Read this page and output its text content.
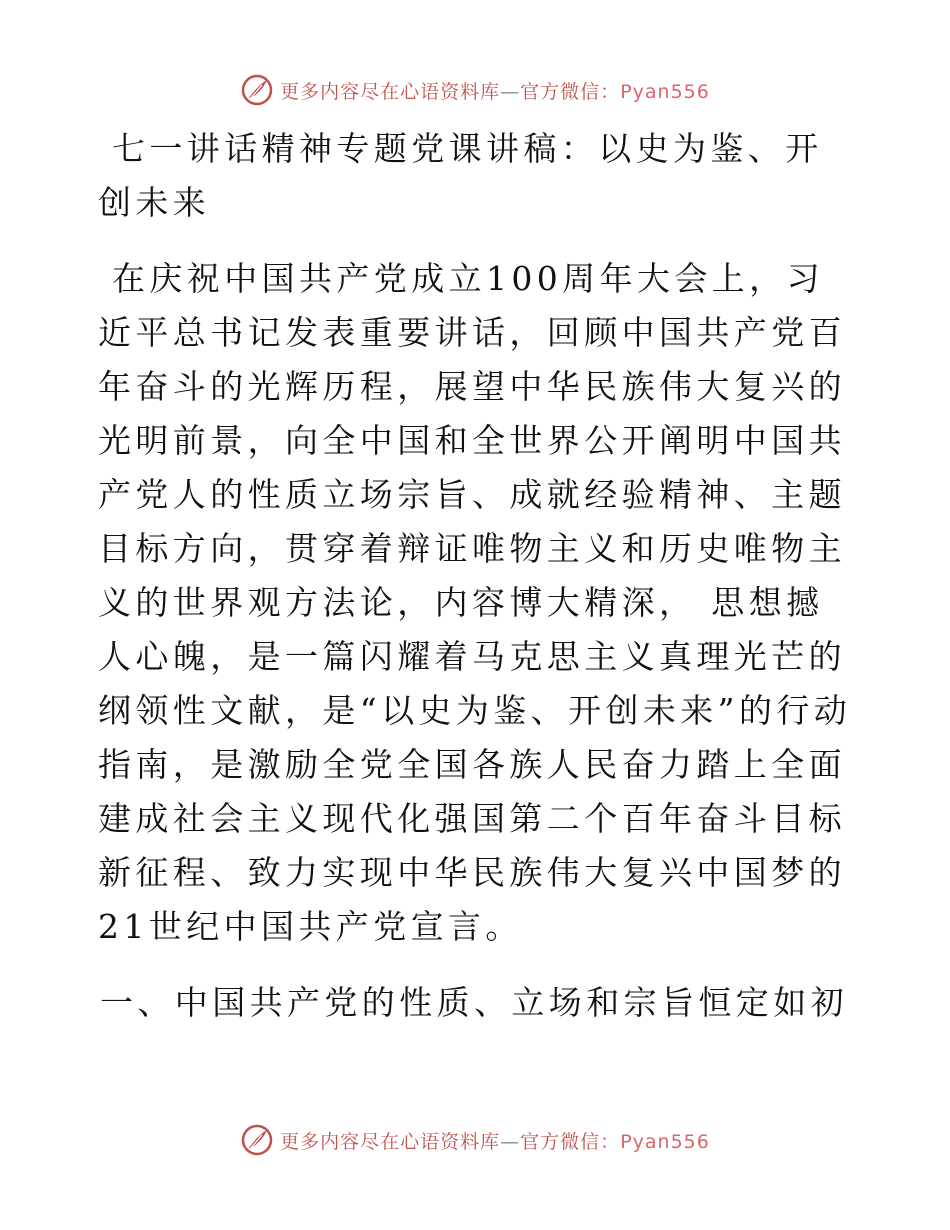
更多内容尽在心语资料库—官方微信：Pyan556

七一讲话精神专题党课讲稿：以史为鉴、开创未来

在庆祝中国共产党成立100周年大会上，习近平总书记发表重要讲话，回顾中国共产党百年奋斗的光辉历程，展望中华民族伟大复兴的光明前景，向全中国和全世界公开阐明中国共产党人的性质立场宗旨、成就经验精神、主题目标方向，贯穿着辩证唯物主义和历史唯物主义的世界观方法论，内容博大精深， 思想撼人心魄，是一篇闪耀着马克思主义真理光芒的纲领性文献，是“以史为鉴、开创未来”的行动指南，是激励全党全国各族人民奋力踏上全面建成社会主义现代化强国第二个百年奋斗目标新征程、致力实现中华民族伟大复兴中国梦的21世纪中国共产党宣言。

一、中国共产党的性质、立场和宗旨恒定如初

更多内容尽在心语资料库—官方微信：Pyan556
